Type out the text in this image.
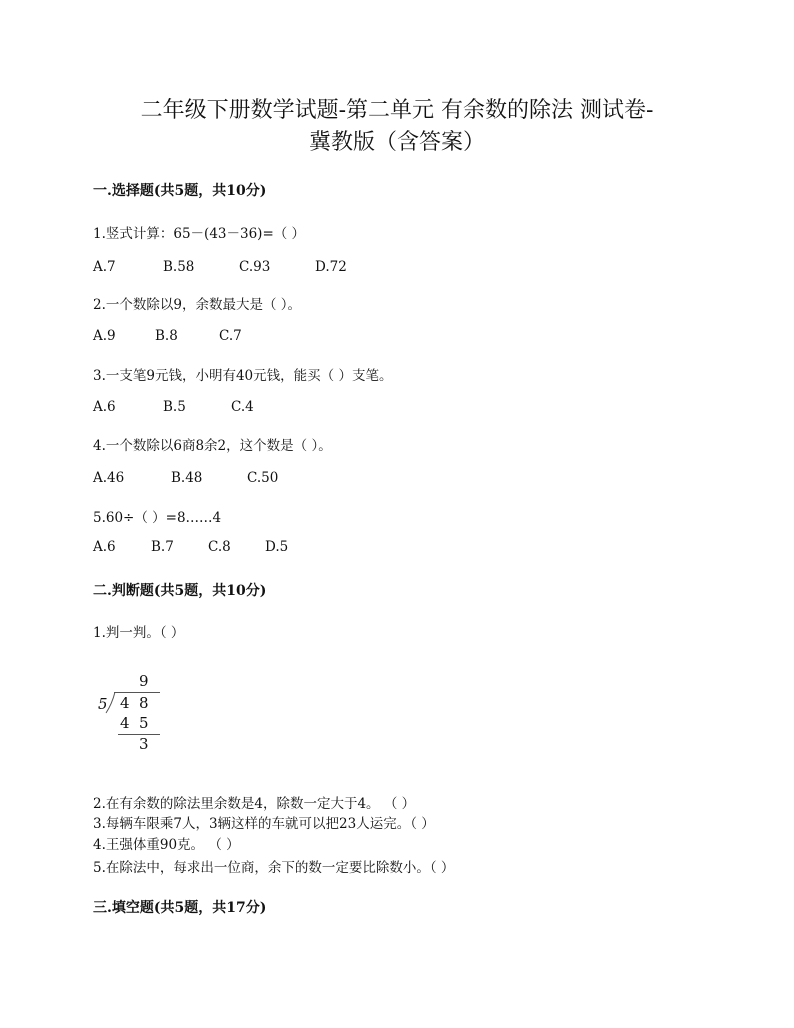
二年级下册数学试题-第二单元 有余数的除法 测试卷-
冀教版（含答案）
一.选择题(共5题，共10分)
1.竖式计算：65－(43－36)=（ ）
A.7	B.58	C.93	D.72
2.一个数除以9，余数最大是（ ）。
A.9	B.8	C.7
3.一支笔9元钱，小明有40元钱，能买（ ）支笔。
A.6	B.5	C.4
4.一个数除以6商8余2，这个数是（ ）。
A.46	B.48	C.50
5.60÷（ ）=8……4
A.6	B.7	C.8	D.5
二.判断题(共5题，共10分)
1.判一判。（ ）
9
5 4 8
4 5
3
2.在有余数的除法里余数是4，除数一定大于4。 （ ）
3.每辆车限乘7人，3辆这样的车就可以把23人运完。（ ）
4.王强体重90克。 （ ）
5.在除法中，每求出一位商，余下的数一定要比除数小。（ ）
三.填空题(共5题，共17分)
